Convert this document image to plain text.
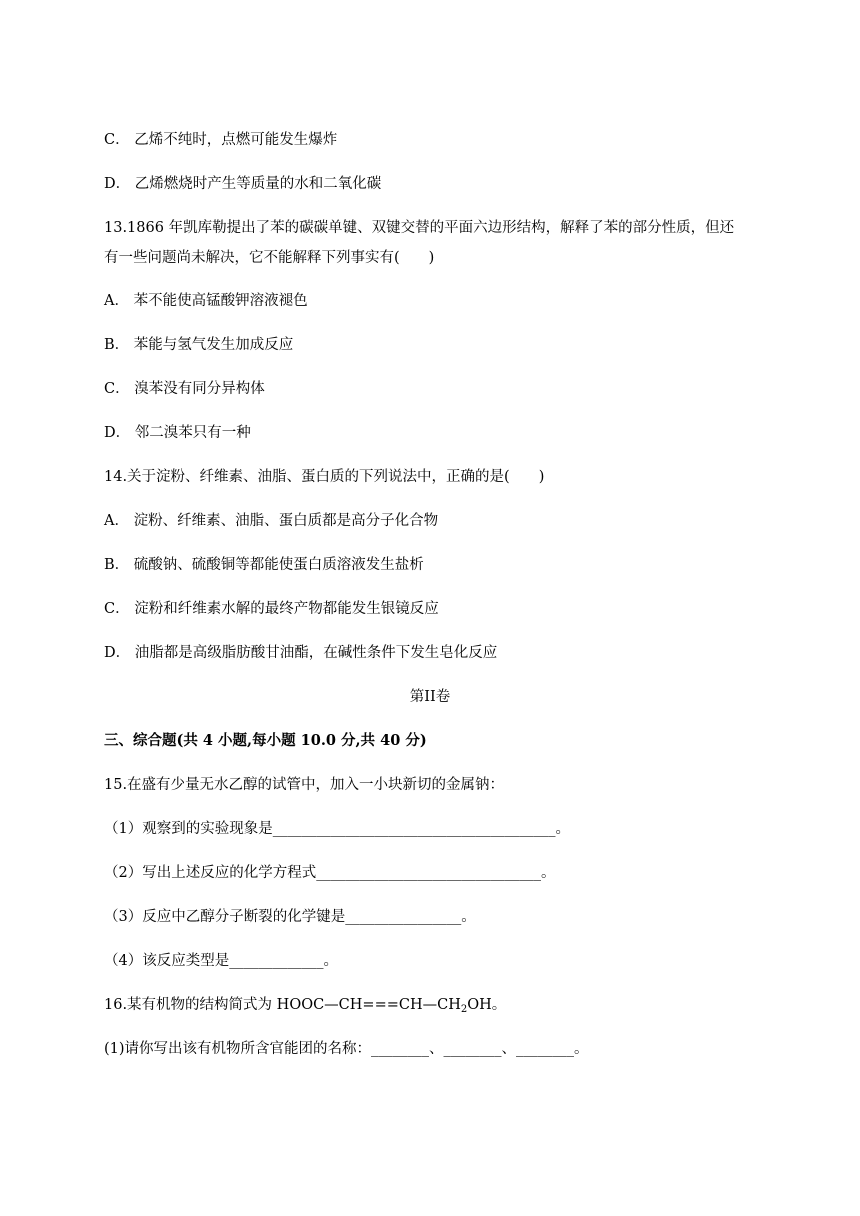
C． 乙烯不纯时，点燃可能发生爆炸
D． 乙烯燃烧时产生等质量的水和二氧化碳
13.1866 年凯库勒提出了苯的碳碳单键、双键交替的平面六边形结构，解释了苯的部分性质，但还
有一些问题尚未解决，它不能解释下列事实有(　　)
A． 苯不能使高锰酸钾溶液褪色
B． 苯能与氢气发生加成反应
C． 溴苯没有同分异构体
D． 邻二溴苯只有一种
14.关于淀粉、纤维素、油脂、蛋白质的下列说法中，正确的是(　　)
A． 淀粉、纤维素、油脂、蛋白质都是高分子化合物
B． 硫酸钠、硫酸铜等都能使蛋白质溶液发生盐析
C． 淀粉和纤维素水解的最终产物都能发生银镜反应
D． 油脂都是高级脂肪酸甘油酯，在碱性条件下发生皂化反应
第II卷
三、综合题(共 4 小题,每小题 10.0 分,共 40 分)
15.在盛有少量无水乙醇的试管中，加入一小块新切的金属钠：
（1）观察到的实验现象是_______________________________________。
（2）写出上述反应的化学方程式_______________________________。
（3）反应中乙醇分子断裂的化学键是________________。
（4）该反应类型是_____________。
16.某有机物的结构简式为 $HOOC—CH===CH—CH_2OH$。
(1)请你写出该有机物所含官能团的名称：________、________、________。
